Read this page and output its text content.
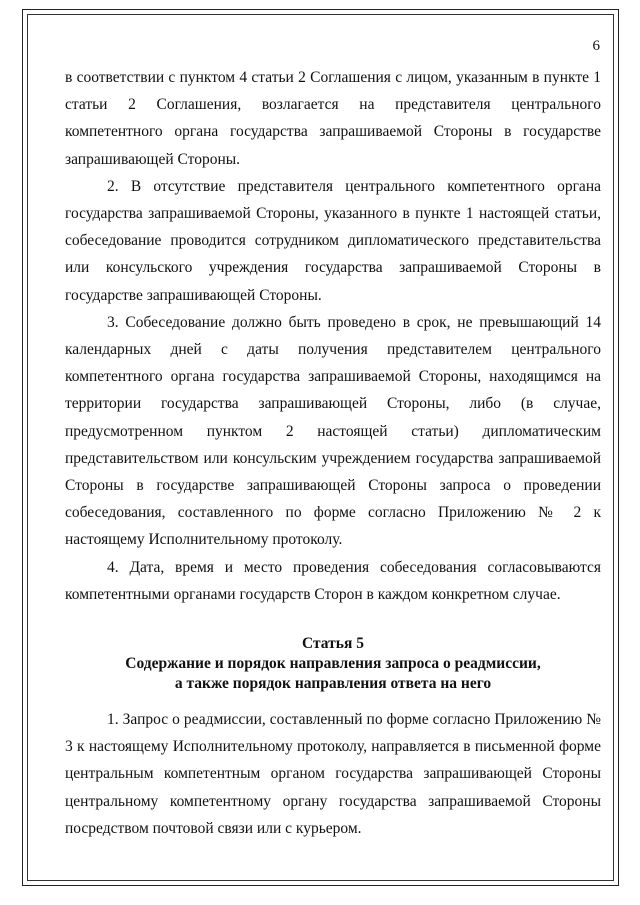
6

в соответствии с пунктом 4 статьи 2 Соглашения с лицом, указанным в пункте 1 статьи 2 Соглашения, возлагается на представителя центрального компетентного органа государства запрашиваемой Стороны в государстве запрашивающей Стороны.

2. В отсутствие представителя центрального компетентного органа государства запрашиваемой Стороны, указанного в пункте 1 настоящей статьи, собеседование проводится сотрудником дипломатического представительства или консульского учреждения государства запрашиваемой Стороны в государстве запрашивающей Стороны.

3. Собеседование должно быть проведено в срок, не превышающий 14 календарных дней с даты получения представителем центрального компетентного органа государства запрашиваемой Стороны, находящимся на территории государства запрашивающей Стороны, либо (в случае, предусмотренном пунктом 2 настоящей статьи) дипломатическим представительством или консульским учреждением государства запрашиваемой Стороны в государстве запрашивающей Стороны запроса о проведении собеседования, составленного по форме согласно Приложению № 2 к настоящему Исполнительному протоколу.

4. Дата, время и место проведения собеседования согласовываются компетентными органами государств Сторон в каждом конкретном случае.

Статья 5
Содержание и порядок направления запроса о реадмиссии,
а также порядок направления ответа на него

1. Запрос о реадмиссии, составленный по форме согласно Приложению № 3 к настоящему Исполнительному протоколу, направляется в письменной форме центральным компетентным органом государства запрашивающей Стороны центральному компетентному органу государства запрашиваемой Стороны посредством почтовой связи или с курьером.
